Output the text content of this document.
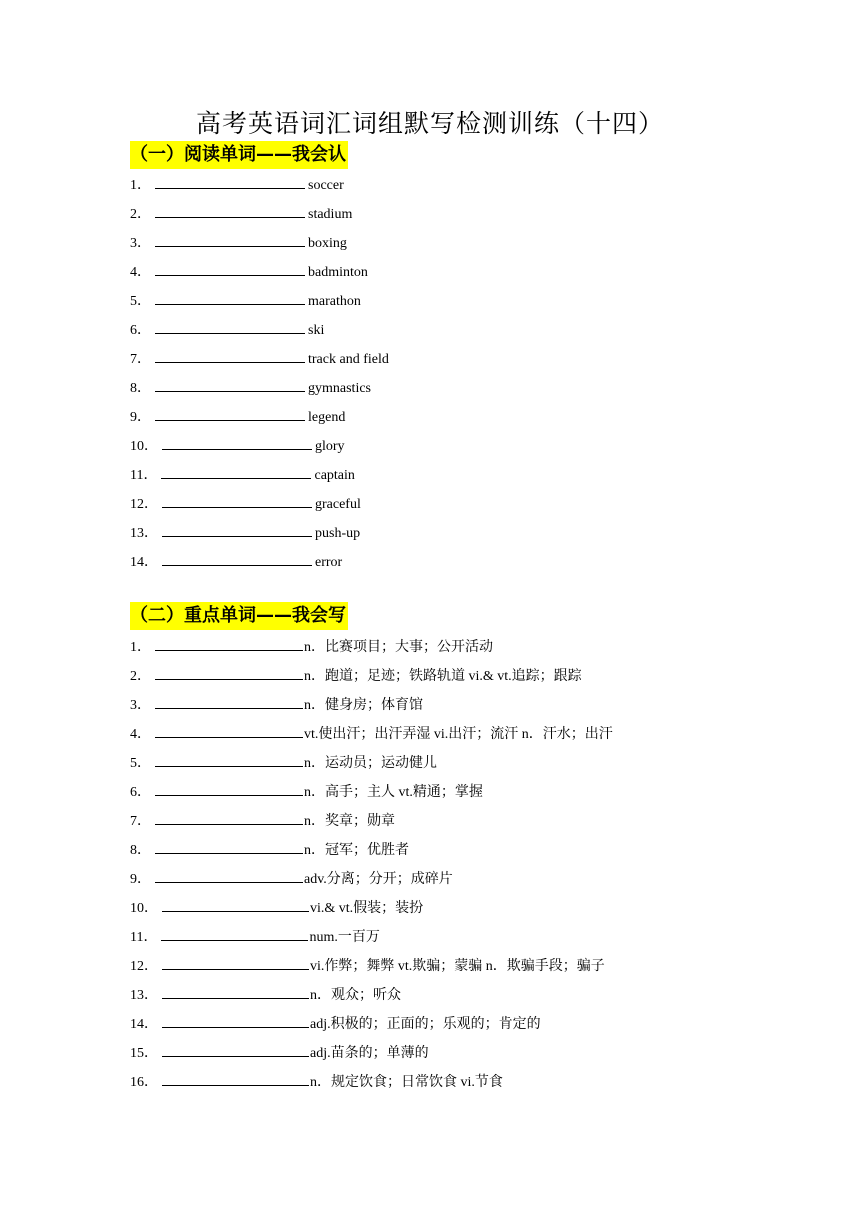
高考英语词汇词组默写检测训练（十四）
（一）阅读单词——我会认
1．	soccer
2．	stadium
3．	boxing
4．	badminton
5．	marathon
6．	ski
7．	track and field
8．	gymnastics
9．	legend
10．	glory
11．	captain
12．	graceful
13．	push-up
14．	error
（二）重点单词——我会写
1．	n．比赛项目；大事；公开活动
2．	n．跑道；足迹；铁路轨道 vi.& vt.追踪；跟踪
3．	n．健身房；体育馆
4．	vt.使出汗；出汗弄湿 vi.出汗；流汗 n．汗水；出汗
5．	n．运动员；运动健儿
6．	n．高手；主人 vt.精通；掌握
7．	n．奖章；勋章
8．	n．冠军；优胜者
9．	adv.分离；分开；成碎片
10．	vi.& vt.假装；装扮
11．	num.一百万
12．	vi.作弊；舞弊 vt.欺骗；蒙骗 n．欺骗手段；骗子
13．	n．观众；听众
14．	adj.积极的；正面的；乐观的；肯定的
15．	adj.苗条的；单薄的
16．	n．规定饮食；日常饮食 vi.节食
